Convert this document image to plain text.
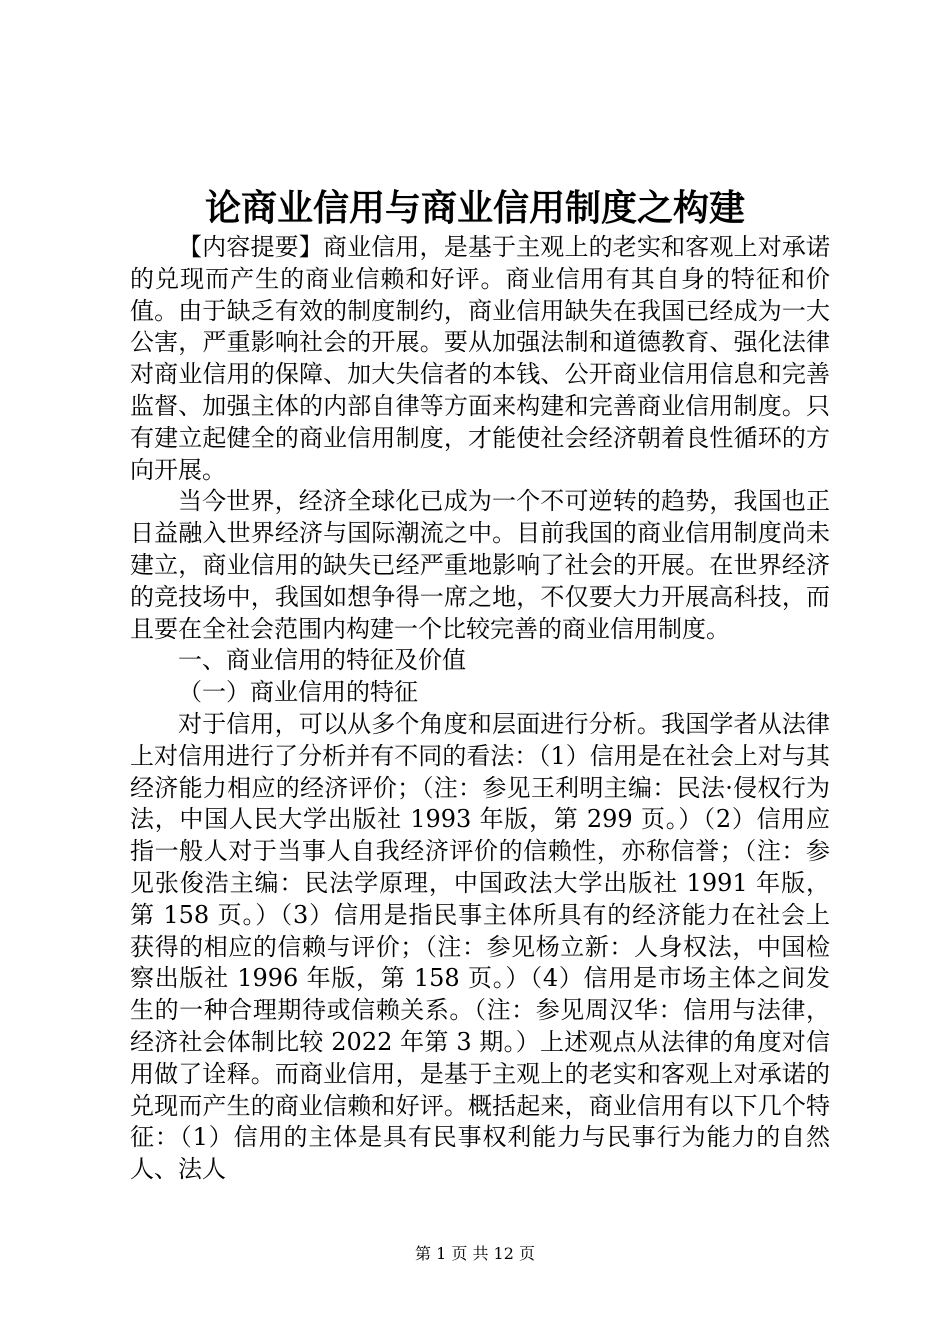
论商业信用与商业信用制度之构建

【内容提要】商业信用，是基于主观上的老实和客观上对承诺的兑现而产生的商业信赖和好评。商业信用有其自身的特征和价值。由于缺乏有效的制度制约，商业信用缺失在我国已经成为一大公害，严重影响社会的开展。要从加强法制和道德教育、强化法律对商业信用的保障、加大失信者的本钱、公开商业信用信息和完善监督、加强主体的内部自律等方面来构建和完善商业信用制度。只有建立起健全的商业信用制度，才能使社会经济朝着良性循环的方向开展。

当今世界，经济全球化已成为一个不可逆转的趋势，我国也正日益融入世界经济与国际潮流之中。目前我国的商业信用制度尚未建立，商业信用的缺失已经严重地影响了社会的开展。在世界经济的竞技场中，我国如想争得一席之地，不仅要大力开展高科技，而且要在全社会范围内构建一个比较完善的商业信用制度。

一、商业信用的特征及价值

（一）商业信用的特征

对于信用，可以从多个角度和层面进行分析。我国学者从法律上对信用进行了分析并有不同的看法：（1）信用是在社会上对与其经济能力相应的经济评价；（注：参见王利明主编：民法·侵权行为法，中国人民大学出版社 1993 年版，第 299 页。）（2）信用应指一般人对于当事人自我经济评价的信赖性，亦称信誉；（注：参见张俊浩主编：民法学原理，中国政法大学出版社 1991 年版，第 158 页。）（3）信用是指民事主体所具有的经济能力在社会上获得的相应的信赖与评价；（注：参见杨立新：人身权法，中国检察出版社 1996 年版，第 158 页。）（4）信用是市场主体之间发生的一种合理期待或信赖关系。（注：参见周汉华：信用与法律，经济社会体制比较 2022 年第 3 期。）上述观点从法律的角度对信用做了诠释。而商业信用，是基于主观上的老实和客观上对承诺的兑现而产生的商业信赖和好评。概括起来，商业信用有以下几个特征：（1）信用的主体是具有民事权利能力与民事行为能力的自然人、法人

第 1 页 共 12 页
